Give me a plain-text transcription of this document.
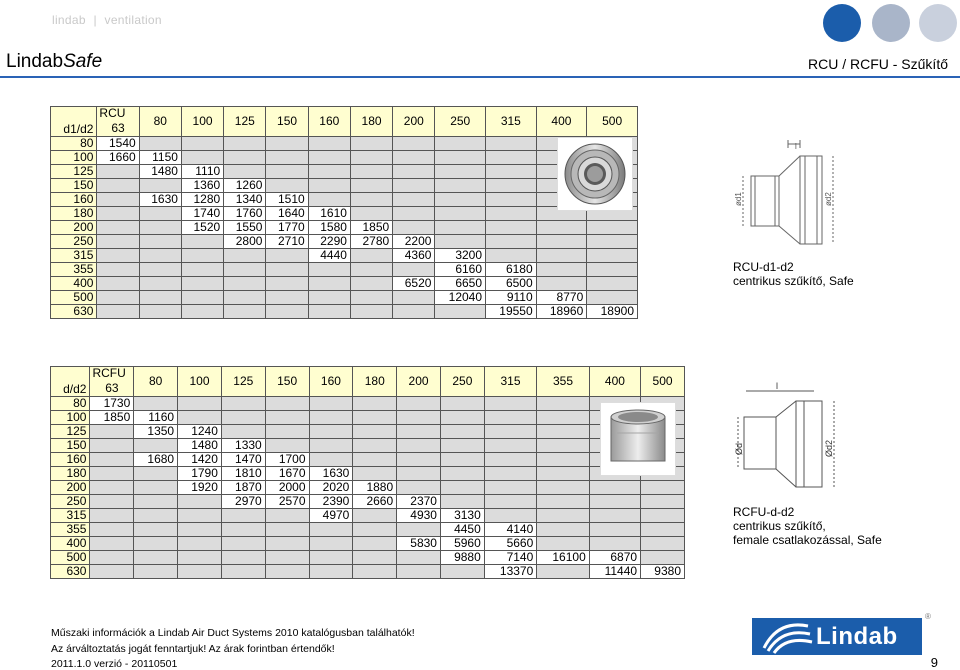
lindab | ventilation
LindabSafe	RCU / RCFU - Szűkítő
d1/d2	RCU
63	80	100	125	150	160	180	200	250	315	400	500
80	1540											
100	1660	1150										
125		1480	1110									
150			1360	1260								
160		1630	1280	1340	1510							
180			1740	1760	1640	1610						
200			1520	1550	1770	1580	1850					
250				2800	2710	2290	2780	2200				
315						4440		4360	3200			
355									6160	6180		
400								6520	6650	6500		
500									12040	9110	8770	
630										19550	18960	18900
l
ød1	ød2
RCU-d1-d2
centrikus szűkítő, Safe
d/d2	RCFU
63	80	100	125	150	160	180	200	250	315	355	400	500
80	1730												
100	1850	1160											
125		1350	1240										
150			1480	1330									
160		1680	1420	1470	1700								
180			1790	1810	1670	1630							
200			1920	1870	2000	2020	1880						
250				2970	2570	2390	2660	2370					
315						4970		4930	3130				
355									4450	4140			
400								5830	5960	5660			
500									9880	7140	16100	6870	
630										13370		11440	9380
l
Ød	Ød2
RCFU-d-d2
centrikus szűkítő,
female csatlakozással, Safe
Műszaki információk a Lindab Air Duct Systems 2010 katalógusban találhatók!
Az árváltoztatás jogát fenntartjuk! Az árak forintban értendők!
2011.1.0 verzió - 20110501	9
Lindab
®
